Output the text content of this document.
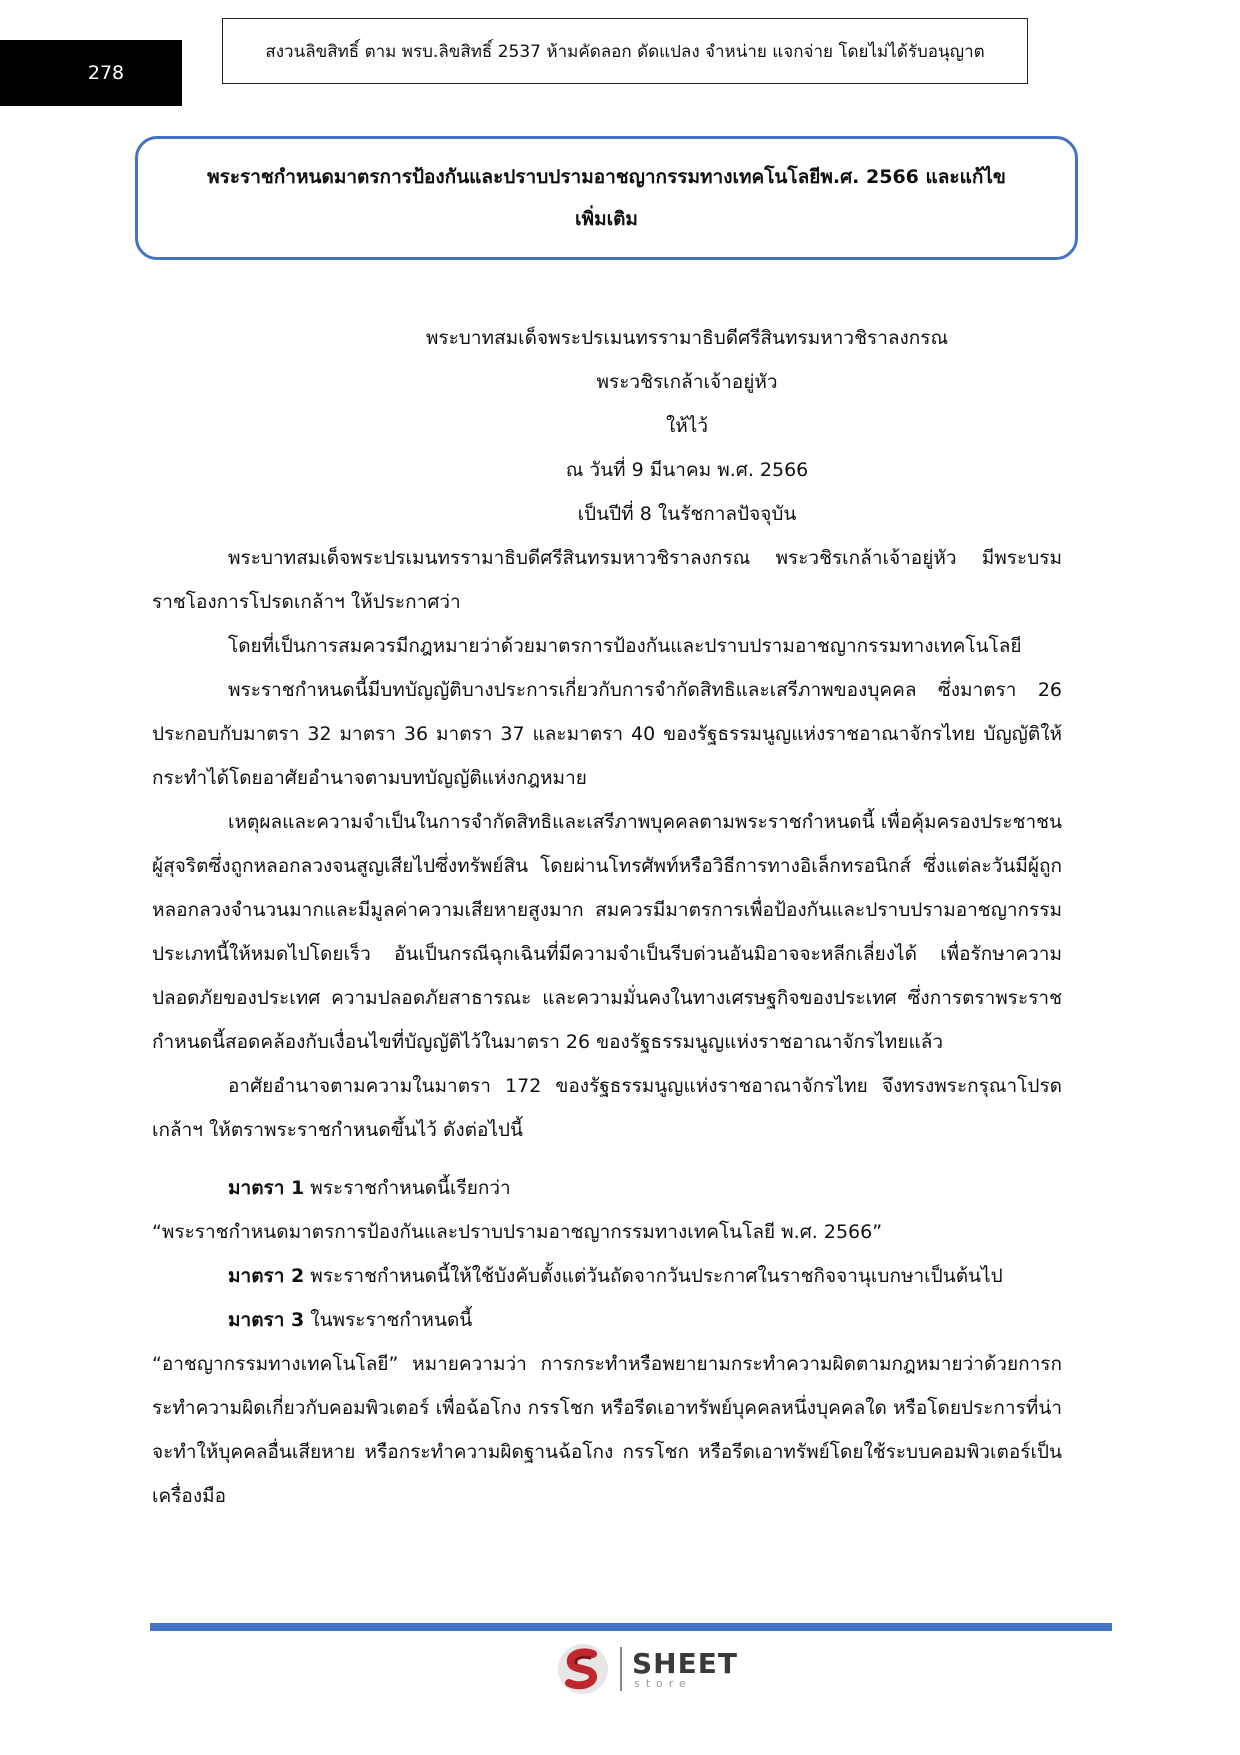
278
สงวนลิขสิทธิ์ ตาม พรบ.ลิขสิทธิ์ 2537 ห้ามคัดลอก ดัดแปลง จำหน่าย แจกจ่าย โดยไม่ได้รับอนุญาต
พระราชกำหนดมาตรการป้องกันและปราบปรามอาชญากรรมทางเทคโนโลยีพ.ศ. 2566 และแก้ไข
เพิ่มเติม

พระบาทสมเด็จพระปรเมนทรรามาธิบดีศรีสินทรมหาวชิราลงกรณ

พระวชิรเกล้าเจ้าอยู่หัว

ให้ไว้

ณ วันที่ 9 มีนาคม พ.ศ. 2566

เป็นปีที่ 8 ในรัชกาลปัจจุบัน

พระบาทสมเด็จพระปรเมนทรรามาธิบดีศรีสินทรมหาวชิราลงกรณ พระวชิรเกล้าเจ้าอยู่หัว มีพระบรมราชโองการโปรดเกล้าฯ ให้ประกาศว่า

โดยที่เป็นการสมควรมีกฎหมายว่าด้วยมาตรการป้องกันและปราบปรามอาชญากรรมทางเทคโนโลยี

พระราชกำหนดนี้มีบทบัญญัติบางประการเกี่ยวกับการจำกัดสิทธิและเสรีภาพของบุคคล ซึ่งมาตรา 26 ประกอบกับมาตรา 32 มาตรา 36 มาตรา 37 และมาตรา 40 ของรัฐธรรมนูญแห่งราชอาณาจักรไทย บัญญัติให้กระทำได้โดยอาศัยอำนาจตามบทบัญญัติแห่งกฎหมาย

เหตุผลและความจำเป็นในการจำกัดสิทธิและเสรีภาพบุคคลตามพระราชกำหนดนี้ เพื่อคุ้มครองประชาชนผู้สุจริตซึ่งถูกหลอกลวงจนสูญเสียไปซึ่งทรัพย์สิน โดยผ่านโทรศัพท์หรือวิธีการทางอิเล็กทรอนิกส์ ซึ่งแต่ละวันมีผู้ถูกหลอกลวงจำนวนมากและมีมูลค่าความเสียหายสูงมาก สมควรมีมาตรการเพื่อป้องกันและปราบปรามอาชญากรรมประเภทนี้ให้หมดไปโดยเร็ว อันเป็นกรณีฉุกเฉินที่มีความจำเป็นรีบด่วนอันมิอาจจะหลีกเลี่ยงได้ เพื่อรักษาความปลอดภัยของประเทศ ความปลอดภัยสาธารณะ และความมั่นคงในทางเศรษฐกิจของประเทศ ซึ่งการตราพระราชกำหนดนี้สอดคล้องกับเงื่อนไขที่บัญญัติไว้ในมาตรา 26 ของรัฐธรรมนูญแห่งราชอาณาจักรไทยแล้ว

อาศัยอำนาจตามความในมาตรา 172 ของรัฐธรรมนูญแห่งราชอาณาจักรไทย จึงทรงพระกรุณาโปรดเกล้าฯ ให้ตราพระราชกำหนดขึ้นไว้ ดังต่อไปนี้

มาตรา 1 พระราชกำหนดนี้เรียกว่า

“พระราชกำหนดมาตรการป้องกันและปราบปรามอาชญากรรมทางเทคโนโลยี พ.ศ. 2566”

มาตรา 2 พระราชกำหนดนี้ให้ใช้บังคับตั้งแต่วันถัดจากวันประกาศในราชกิจจานุเบกษาเป็นต้นไป

มาตรา 3 ในพระราชกำหนดนี้

“อาชญากรรมทางเทคโนโลยี” หมายความว่า การกระทำหรือพยายามกระทำความผิดตามกฎหมายว่าด้วยการกระทำความผิดเกี่ยวกับคอมพิวเตอร์ เพื่อฉ้อโกง กรรโชก หรือรีดเอาทรัพย์บุคคลหนึ่งบุคคลใด หรือโดยประการที่น่าจะทำให้บุคคลอื่นเสียหาย หรือกระทำความผิดฐานฉ้อโกง กรรโชก หรือรีดเอาทรัพย์โดยใช้ระบบคอมพิวเตอร์เป็นเครื่องมือ

SHEET
store
